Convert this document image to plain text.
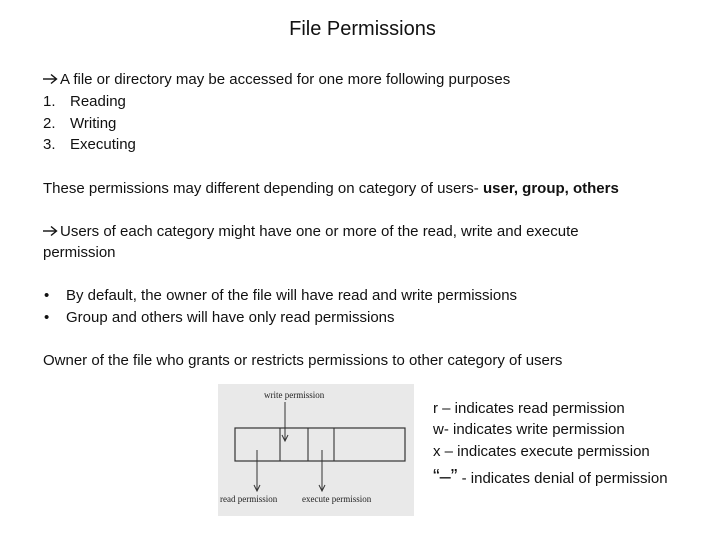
File Permissions
A file or directory may be accessed for one more following purposes
1. Reading
2. Writing
3. Executing
These permissions may different depending on category of users- user, group, others
Users of each category might have one or more of the read, write and execute
permission
• By default, the owner of the file will have read and write permissions
• Group and others will have only read permissions
Owner of the file who grants or restricts permissions to other category of users
write permission
read permission	execute permission
r – indicates read permission
w- indicates write permission
x – indicates execute permission
“–” - indicates denial of permission
